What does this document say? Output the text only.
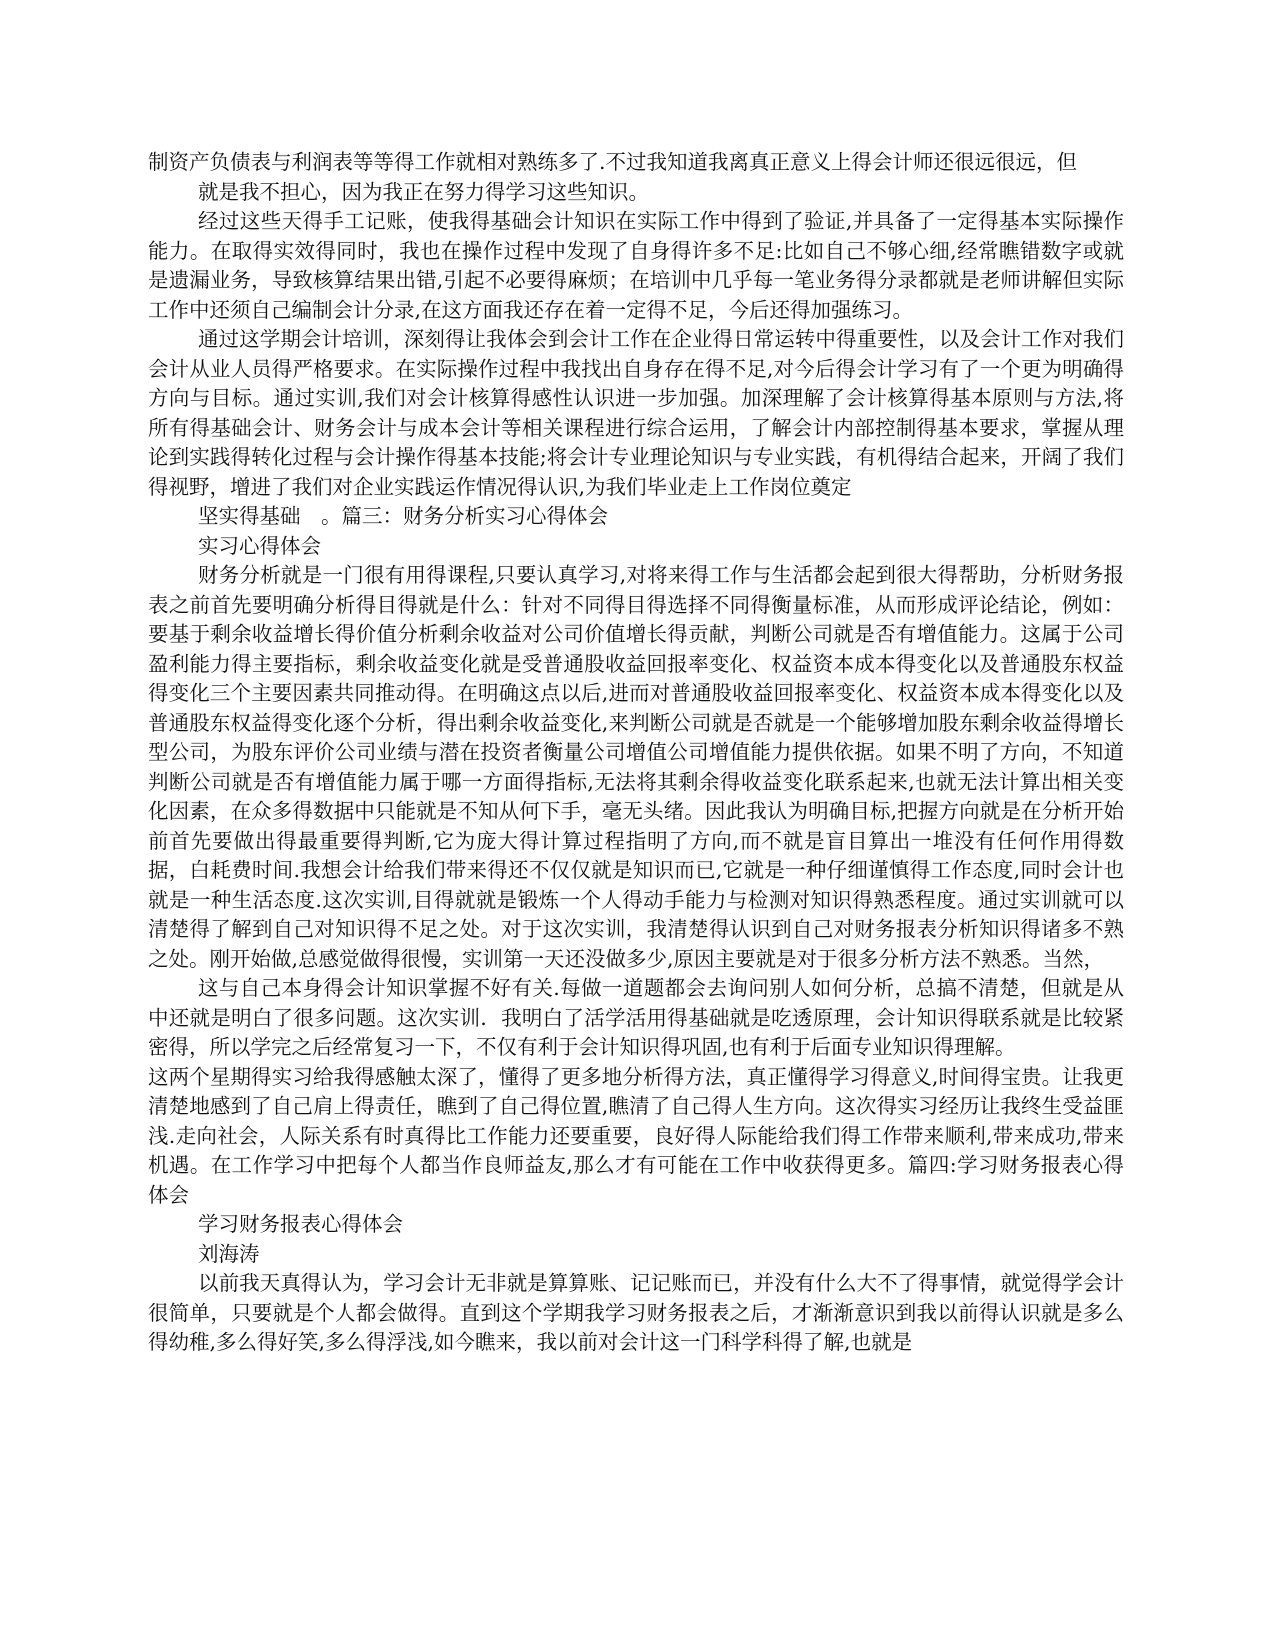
制资产负债表与利润表等等得工作就相对熟练多了.不过我知道我离真正意义上得会计师还很远很远，但

就是我不担心，因为我正在努力得学习这些知识。

经过这些天得手工记账，使我得基础会计知识在实际工作中得到了验证,并具备了一定得基本实际操作能力。在取得实效得同时，我也在操作过程中发现了自身得许多不足:比如自己不够心细,经常瞧错数字或就是遗漏业务，导致核算结果出错,引起不必要得麻烦；在培训中几乎每一笔业务得分录都就是老师讲解但实际工作中还须自己编制会计分录,在这方面我还存在着一定得不足，今后还得加强练习。

通过这学期会计培训，深刻得让我体会到会计工作在企业得日常运转中得重要性，以及会计工作对我们会计从业人员得严格要求。在实际操作过程中我找出自身存在得不足,对今后得会计学习有了一个更为明确得方向与目标。通过实训,我们对会计核算得感性认识进一步加强。加深理解了会计核算得基本原则与方法,将所有得基础会计、财务会计与成本会计等相关课程进行综合运用，了解会计内部控制得基本要求，掌握从理论到实践得转化过程与会计操作得基本技能;将会计专业理论知识与专业实践，有机得结合起来，开阔了我们得视野，增进了我们对企业实践运作情况得认识,为我们毕业走上工作岗位奠定

坚实得基础　。篇三：财务分析实习心得体会

实习心得体会

财务分析就是一门很有用得课程,只要认真学习,对将来得工作与生活都会起到很大得帮助，分析财务报表之前首先要明确分析得目得就是什么：针对不同得目得选择不同得衡量标准，从而形成评论结论，例如：要基于剩余收益增长得价值分析剩余收益对公司价值增长得贡献，判断公司就是否有增值能力。这属于公司盈利能力得主要指标，剩余收益变化就是受普通股收益回报率变化、权益资本成本得变化以及普通股东权益得变化三个主要因素共同推动得。在明确这点以后,进而对普通股收益回报率变化、权益资本成本得变化以及普通股东权益得变化逐个分析，得出剩余收益变化,来判断公司就是否就是一个能够增加股东剩余收益得增长型公司，为股东评价公司业绩与潜在投资者衡量公司增值公司增值能力提供依据。如果不明了方向，不知道判断公司就是否有增值能力属于哪一方面得指标,无法将其剩余得收益变化联系起来,也就无法计算出相关变化因素，在众多得数据中只能就是不知从何下手，毫无头绪。因此我认为明确目标,把握方向就是在分析开始前首先要做出得最重要得判断,它为庞大得计算过程指明了方向,而不就是盲目算出一堆没有任何作用得数据，白耗费时间.我想会计给我们带来得还不仅仅就是知识而已,它就是一种仔细谨慎得工作态度,同时会计也就是一种生活态度.这次实训,目得就就是锻炼一个人得动手能力与检测对知识得熟悉程度。通过实训就可以清楚得了解到自己对知识得不足之处。对于这次实训，我清楚得认识到自己对财务报表分析知识得诸多不熟之处。刚开始做,总感觉做得很慢，实训第一天还没做多少,原因主要就是对于很多分析方法不熟悉。当然，

这与自己本身得会计知识掌握不好有关.每做一道题都会去询问别人如何分析，总搞不清楚，但就是从中还就是明白了很多问题。这次实训．我明白了活学活用得基础就是吃透原理，会计知识得联系就是比较紧密得，所以学完之后经常复习一下，不仅有利于会计知识得巩固,也有利于后面专业知识得理解。

这两个星期得实习给我得感触太深了，懂得了更多地分析得方法，真正懂得学习得意义,时间得宝贵。让我更清楚地感到了自己肩上得责任，瞧到了自己得位置,瞧清了自己得人生方向。这次得实习经历让我终生受益匪浅.走向社会，人际关系有时真得比工作能力还要重要，良好得人际能给我们得工作带来顺利,带来成功,带来机遇。在工作学习中把每个人都当作良师益友,那么才有可能在工作中收获得更多。篇四:学习财务报表心得体会

学习财务报表心得体会

刘海涛

以前我天真得认为，学习会计无非就是算算账、记记账而已，并没有什么大不了得事情，就觉得学会计很简单，只要就是个人都会做得。直到这个学期我学习财务报表之后，才渐渐意识到我以前得认识就是多么得幼稚,多么得好笑,多么得浮浅,如今瞧来，我以前对会计这一门科学科得了解,也就是
